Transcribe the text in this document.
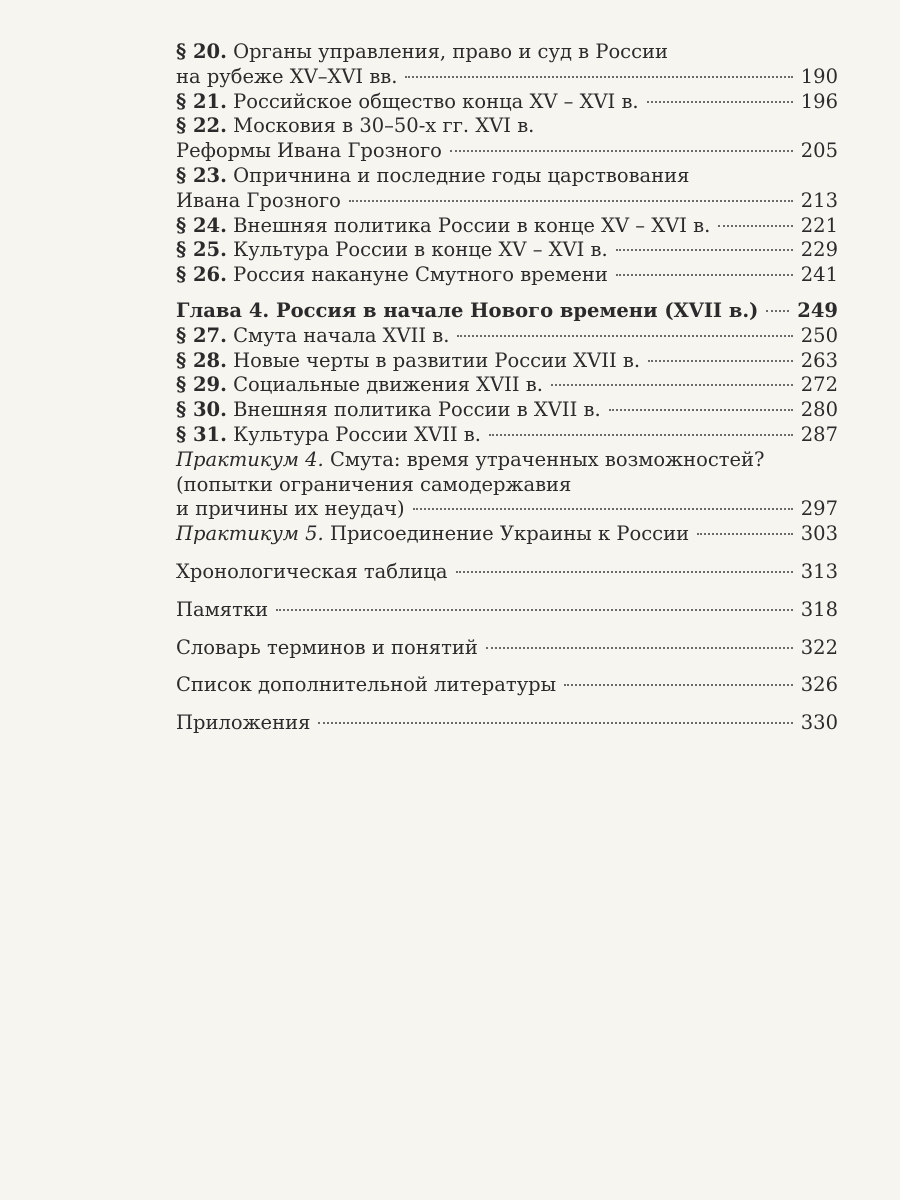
§ 20. Органы управления, право и суд в России
на рубеже XV–XVI вв.	190
§ 21. Российское общество конца XV – XVI в.	196
§ 22. Московия в 30–50-х гг. XVI в.
Реформы Ивана Грозного	205
§ 23. Опричнина и последние годы царствования
Ивана Грозного	213
§ 24. Внешняя политика России в конце XV – XVI в.	221
§ 25. Культура России в конце XV – XVI в.	229
§ 26. Россия накануне Смутного времени	241
Глава 4. Россия в начале Нового времени (XVII в.) 249
§ 27. Смута начала XVII в.	250
§ 28. Новые черты в развитии России XVII в.	263
§ 29. Социальные движения XVII в.	272
§ 30. Внешняя политика России в XVII в.	280
§ 31. Культура России XVII в.	287
Практикум 4. Смута: время утраченных возможностей?
(попытки ограничения самодержавия
и причины их неудач)	297
Практикум 5. Присоединение Украины к России	303
Хронологическая таблица	313
Памятки	318
Словарь терминов и понятий	322
Список дополнительной литературы	326
Приложения	330
